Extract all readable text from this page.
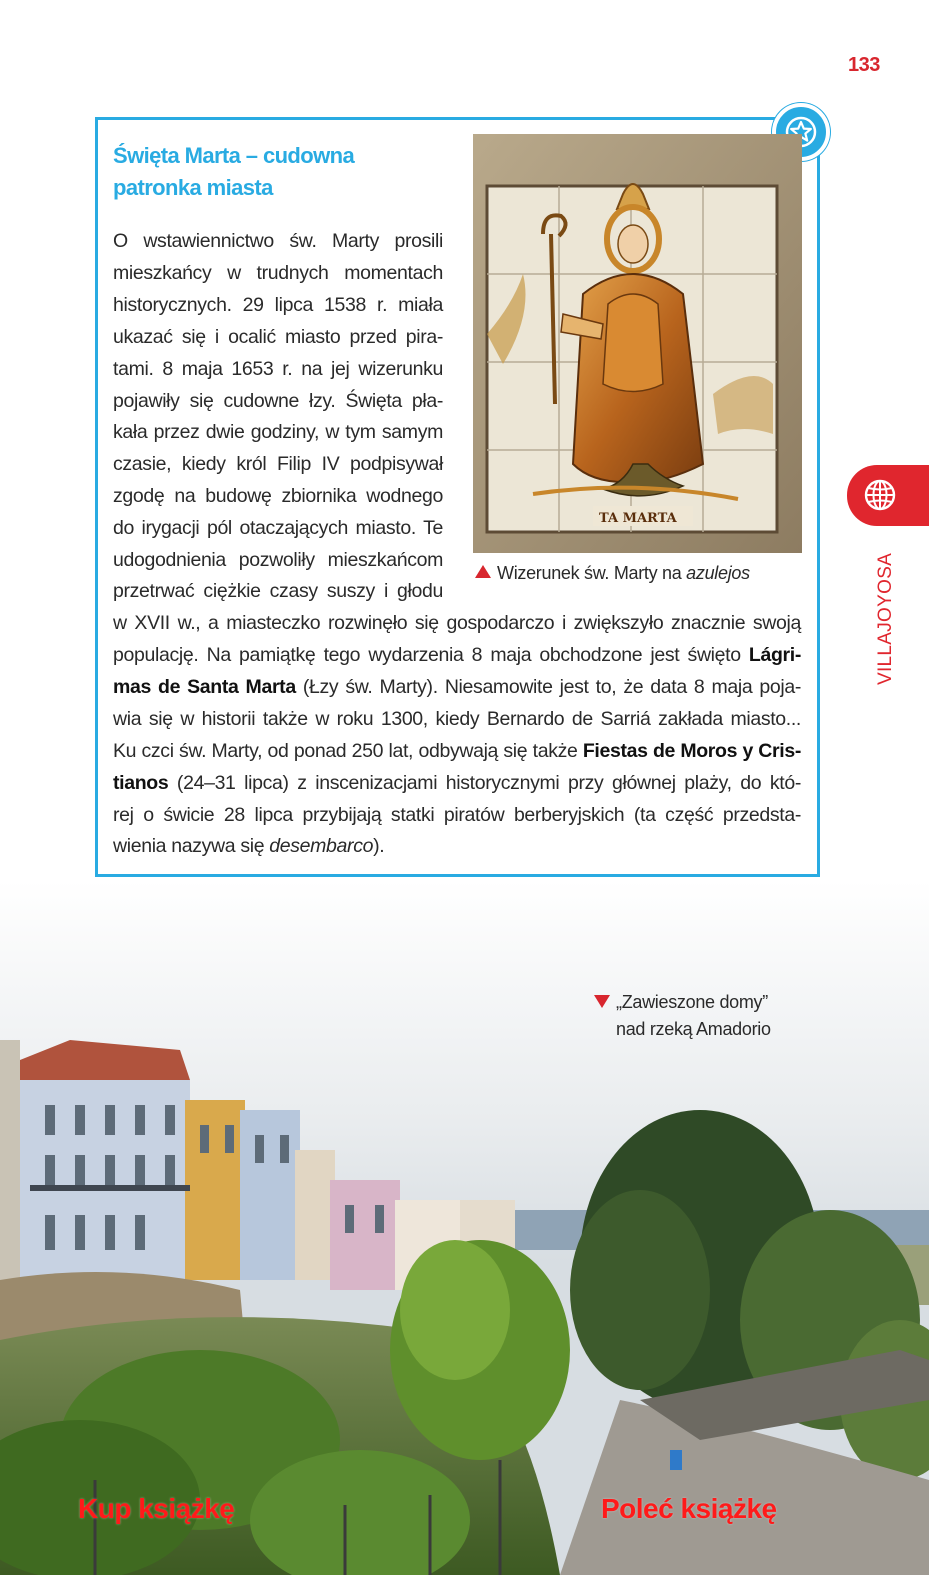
133
Święta Marta – cudowna
patronka miasta
O wstawiennictwo św. Marty prosili
mieszkańcy w trudnych momentach
historycznych. 29 lipca 1538 r. miała
ukazać się i ocalić miasto przed pira-
tami. 8 maja 1653 r. na jej wizerunku
pojawiły się cudowne łzy. Święta pła-
kała przez dwie godziny, w tym samym
czasie, kiedy król Filip IV podpisywał
zgodę na budowę zbiornika wodnego
do irygacji pól otaczających miasto. Te
udogodnienia pozwoliły mieszkańcom
przetrwać ciężkie czasy suszy i głodu
w XVII w., a miasteczko rozwinęło się gospodarczo i zwiększyło znacznie swoją
populację. Na pamiątkę tego wydarzenia 8 maja obchodzone jest święto Lágri-
mas de Santa Marta (Łzy św. Marty). Niesamowite jest to, że data 8 maja poja-
wia się w historii także w roku 1300, kiedy Bernardo de Sarriá zakłada miasto...
Ku czci św. Marty, od ponad 250 lat, odbywają się także Fiestas de Moros y Cris-
tianos (24–31 lipca) z inscenizacjami historycznymi przy głównej plaży, do któ-
rej o świcie 28 lipca przybijają statki piratów berberyjskich (ta część przedsta-
wienia nazywa się desembarco).
TA MARTA
Wizerunek św. Marty na azulejos	VILLAJOYOSA
„Zawieszone domy”
nad rzeką Amadorio
Kup książkę	Poleć książkę
